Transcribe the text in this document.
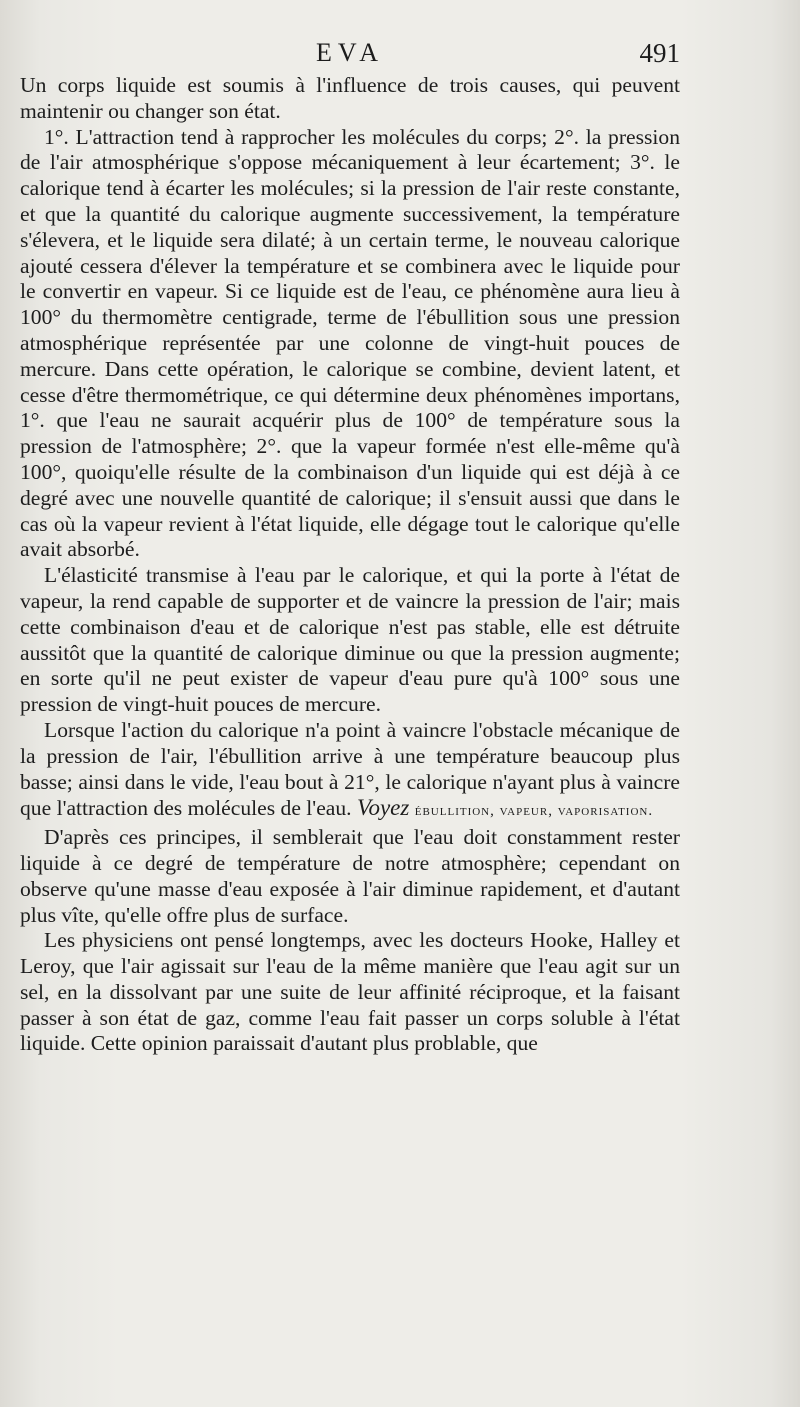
EVA	491

Un corps liquide est soumis à l'influence de trois causes, qui peuvent maintenir ou changer son état.

1°. L'attraction tend à rapprocher les molécules du corps; 2°. la pression de l'air atmosphérique s'oppose mécaniquement à leur écartement; 3°. le calorique tend à écarter les molécules; si la pression de l'air reste constante, et que la quantité du calorique augmente successivement, la température s'élevera, et le liquide sera dilaté; à un certain terme, le nouveau calorique ajouté cessera d'élever la température et se combinera avec le liquide pour le convertir en vapeur. Si ce liquide est de l'eau, ce phénomène aura lieu à 100° du thermomètre centigrade, terme de l'ébullition sous une pression atmosphérique représentée par une colonne de vingt-huit pouces de mercure. Dans cette opération, le calorique se combine, devient latent, et cesse d'être thermométrique, ce qui détermine deux phénomènes importans, 1°. que l'eau ne saurait acquérir plus de 100° de température sous la pression de l'atmosphère; 2°. que la vapeur formée n'est elle-même qu'à 100°, quoiqu'elle résulte de la combinaison d'un liquide qui est déjà à ce degré avec une nouvelle quantité de calorique; il s'ensuit aussi que dans le cas où la vapeur revient à l'état liquide, elle dégage tout le calorique qu'elle avait absorbé.

L'élasticité transmise à l'eau par le calorique, et qui la porte à l'état de vapeur, la rend capable de supporter et de vaincre la pression de l'air; mais cette combinaison d'eau et de calorique n'est pas stable, elle est détruite aussitôt que la quantité de calorique diminue ou que la pression augmente; en sorte qu'il ne peut exister de vapeur d'eau pure qu'à 100° sous une pression de vingt-huit pouces de mercure.

Lorsque l'action du calorique n'a point à vaincre l'obstacle mécanique de la pression de l'air, l'ébullition arrive à une température beaucoup plus basse; ainsi dans le vide, l'eau bout à 21°, le calorique n'ayant plus à vaincre que l'attraction des molécules de l'eau. Voyez ébullition, vapeur, vaporisation.

D'après ces principes, il semblerait que l'eau doit constamment rester liquide à ce degré de température de notre atmosphère; cependant on observe qu'une masse d'eau exposée à l'air diminue rapidement, et d'autant plus vîte, qu'elle offre plus de surface.

Les physiciens ont pensé longtemps, avec les docteurs Hooke, Halley et Leroy, que l'air agissait sur l'eau de la même manière que l'eau agit sur un sel, en la dissolvant par une suite de leur affinité réciproque, et la faisant passer à son état de gaz, comme l'eau fait passer un corps soluble à l'état liquide. Cette opinion paraissait d'autant plus problable, que
